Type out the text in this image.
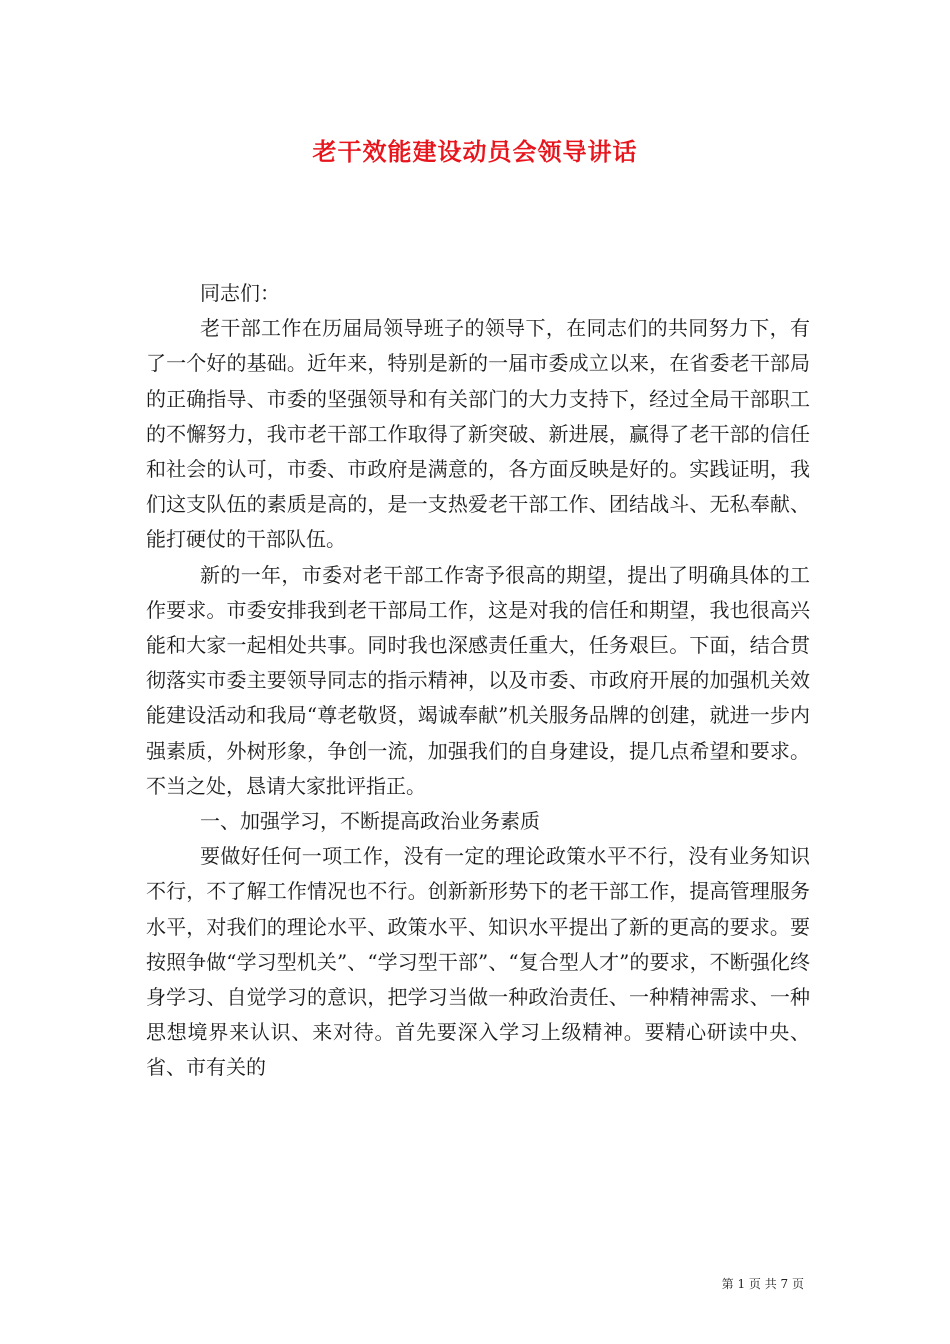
老干效能建设动员会领导讲话

同志们：

老干部工作在历届局领导班子的领导下，在同志们的共同努力下，有了一个好的基础。近年来，特别是新的一届市委成立以来，在省委老干部局的正确指导、市委的坚强领导和有关部门的大力支持下，经过全局干部职工的不懈努力，我市老干部工作取得了新突破、新进展，赢得了老干部的信任和社会的认可，市委、市政府是满意的，各方面反映是好的。实践证明，我们这支队伍的素质是高的，是一支热爱老干部工作、团结战斗、无私奉献、能打硬仗的干部队伍。

新的一年，市委对老干部工作寄予很高的期望，提出了明确具体的工作要求。市委安排我到老干部局工作，这是对我的信任和期望，我也很高兴能和大家一起相处共事。同时我也深感责任重大，任务艰巨。下面，结合贯彻落实市委主要领导同志的指示精神，以及市委、市政府开展的加强机关效能建设活动和我局“尊老敬贤，竭诚奉献”机关服务品牌的创建，就进一步内强素质，外树形象，争创一流，加强我们的自身建设，提几点希望和要求。不当之处，恳请大家批评指正。

一、加强学习，不断提高政治业务素质

要做好任何一项工作，没有一定的理论政策水平不行，没有业务知识不行，不了解工作情况也不行。创新新形势下的老干部工作，提高管理服务水平，对我们的理论水平、政策水平、知识水平提出了新的更高的要求。要按照争做“学习型机关”、“学习型干部”、“复合型人才”的要求，不断强化终身学习、自觉学习的意识，把学习当做一种政治责任、一种精神需求、一种思想境界来认识、来对待。首先要深入学习上级精神。要精心研读中央、省、市有关的

第 1 页 共 7 页
